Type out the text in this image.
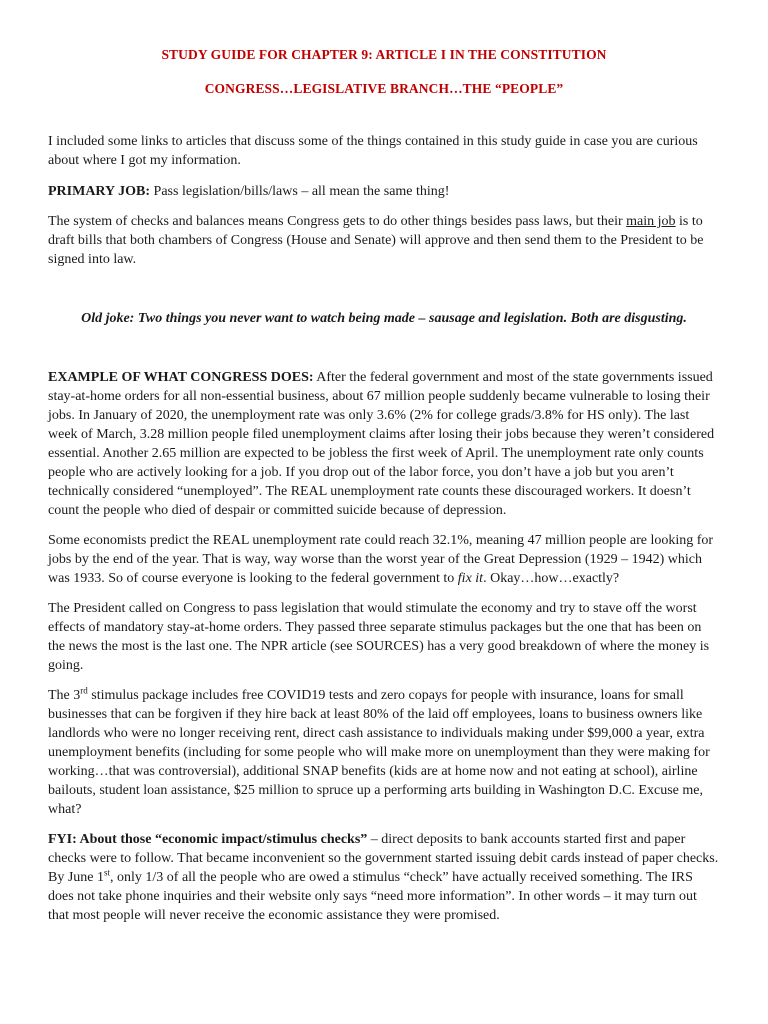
STUDY GUIDE FOR CHAPTER 9: ARTICLE I IN THE CONSTITUTION

CONGRESS…LEGISLATIVE BRANCH…THE “PEOPLE”

I included some links to articles that discuss some of the things contained in this study guide in case you are curious about where I got my information.

PRIMARY JOB: Pass legislation/bills/laws – all mean the same thing!

The system of checks and balances means Congress gets to do other things besides pass laws, but their main job is to draft bills that both chambers of Congress (House and Senate) will approve and then send them to the President to be signed into law.

Old joke: Two things you never want to watch being made – sausage and legislation. Both are disgusting.

EXAMPLE OF WHAT CONGRESS DOES: After the federal government and most of the state governments issued stay-at-home orders for all non-essential business, about 67 million people suddenly became vulnerable to losing their jobs. In January of 2020, the unemployment rate was only 3.6% (2% for college grads/3.8% for HS only). The last week of March, 3.28 million people filed unemployment claims after losing their jobs because they weren’t considered essential. Another 2.65 million are expected to be jobless the first week of April. The unemployment rate only counts people who are actively looking for a job. If you drop out of the labor force, you don’t have a job but you aren’t technically considered “unemployed”. The REAL unemployment rate counts these discouraged workers. It doesn’t count the people who died of despair or committed suicide because of depression.

Some economists predict the REAL unemployment rate could reach 32.1%, meaning 47 million people are looking for jobs by the end of the year. That is way, way worse than the worst year of the Great Depression (1929 – 1942) which was 1933. So of course everyone is looking to the federal government to fix it. Okay…how…exactly?

The President called on Congress to pass legislation that would stimulate the economy and try to stave off the worst effects of mandatory stay-at-home orders. They passed three separate stimulus packages but the one that has been on the news the most is the last one. The NPR article (see SOURCES) has a very good breakdown of where the money is going.

The 3rd stimulus package includes free COVID19 tests and zero copays for people with insurance, loans for small businesses that can be forgiven if they hire back at least 80% of the laid off employees, loans to business owners like landlords who were no longer receiving rent, direct cash assistance to individuals making under $99,000 a year, extra unemployment benefits (including for some people who will make more on unemployment than they were making for working…that was controversial), additional SNAP benefits (kids are at home now and not eating at school), airline bailouts, student loan assistance, $25 million to spruce up a performing arts building in Washington D.C. Excuse me, what?

FYI: About those “economic impact/stimulus checks” – direct deposits to bank accounts started first and paper checks were to follow. That became inconvenient so the government started issuing debit cards instead of paper checks. By June 1st, only 1/3 of all the people who are owed a stimulus “check” have actually received something. The IRS does not take phone inquiries and their website only says “need more information”. In other words – it may turn out that most people will never receive the economic assistance they were promised.
